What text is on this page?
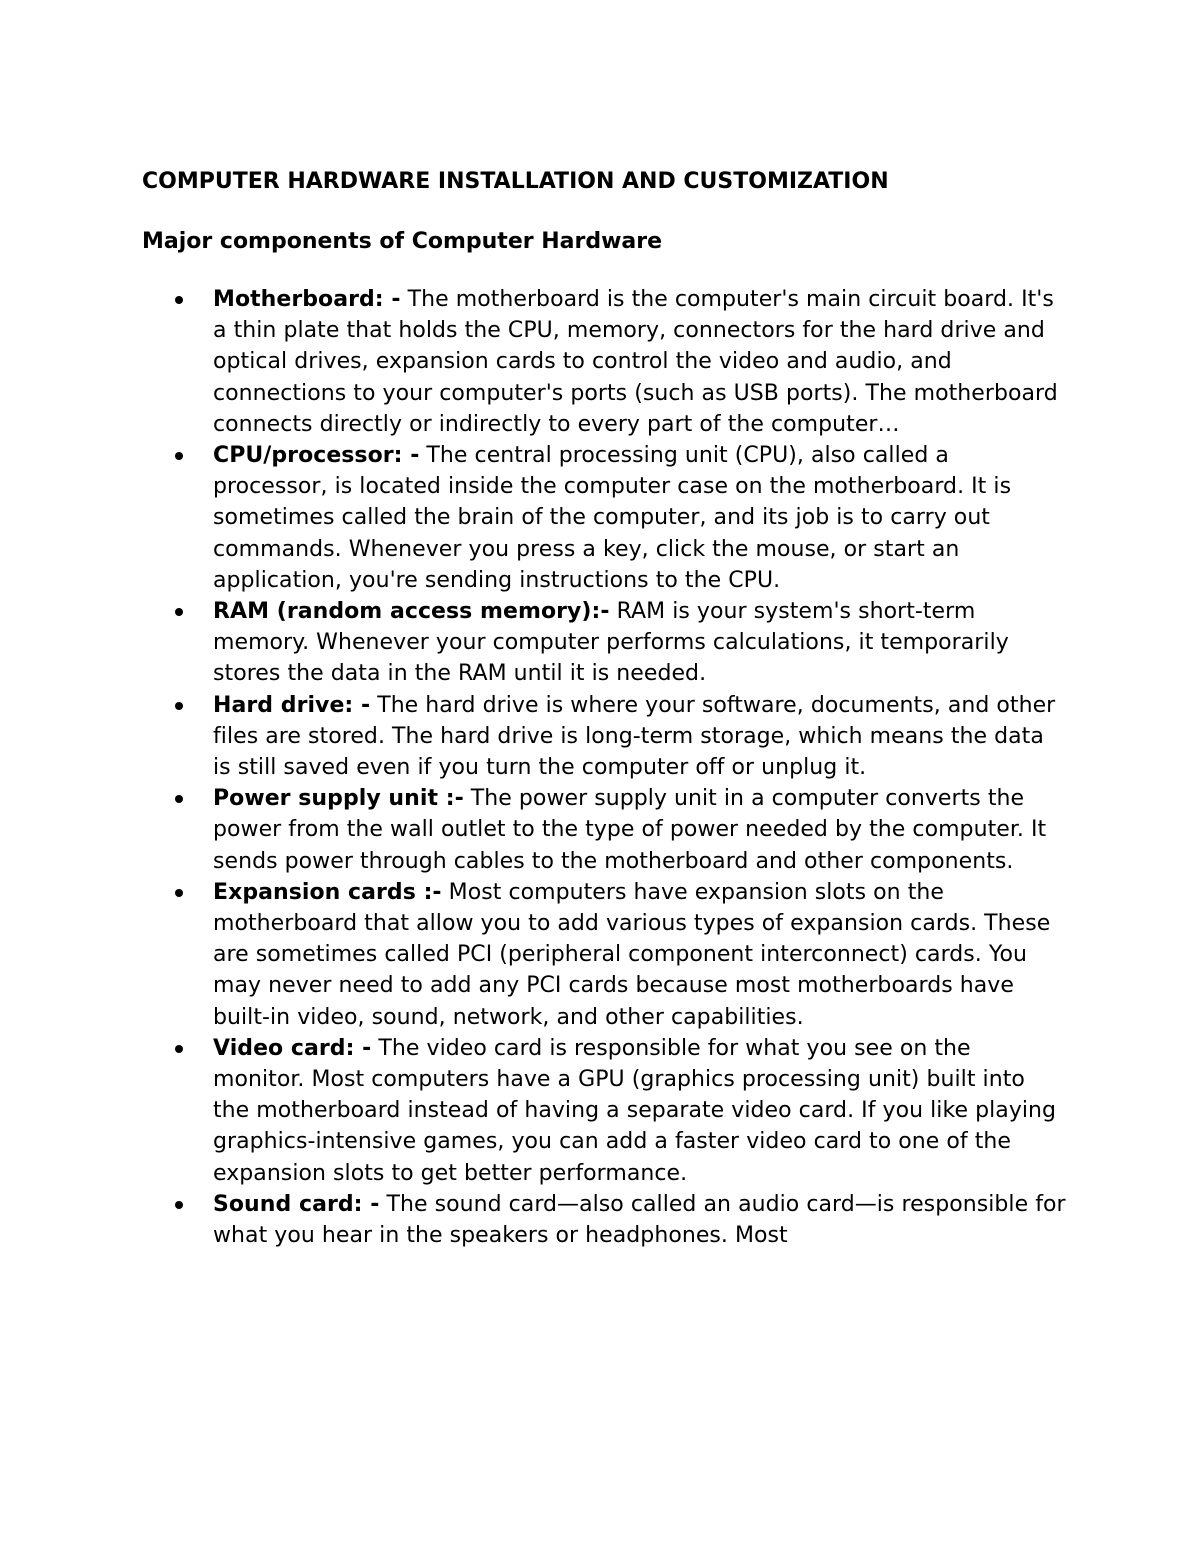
COMPUTER HARDWARE INSTALLATION AND CUSTOMIZATION
Major components of Computer Hardware
Motherboard: - The motherboard is the computer's main circuit board. It's a thin plate that holds the CPU, memory, connectors for the hard drive and optical drives, expansion cards to control the video and audio, and connections to your computer's ports (such as USB ports). The motherboard connects directly or indirectly to every part of the computer…
CPU/processor: - The central processing unit (CPU), also called a processor, is located inside the computer case on the motherboard. It is sometimes called the brain of the computer, and its job is to carry out commands. Whenever you press a key, click the mouse, or start an application, you're sending instructions to the CPU.
RAM (random access memory):- RAM is your system's short-term memory. Whenever your computer performs calculations, it temporarily stores the data in the RAM until it is needed.
Hard drive: - The hard drive is where your software, documents, and other files are stored. The hard drive is long-term storage, which means the data is still saved even if you turn the computer off or unplug it.
Power supply unit :- The power supply unit in a computer converts the power from the wall outlet to the type of power needed by the computer. It sends power through cables to the motherboard and other components.
Expansion cards :- Most computers have expansion slots on the motherboard that allow you to add various types of expansion cards. These are sometimes called PCI (peripheral component interconnect) cards. You may never need to add any PCI cards because most motherboards have built-in video, sound, network, and other capabilities.
Video card: - The video card is responsible for what you see on the monitor. Most computers have a GPU (graphics processing unit) built into the motherboard instead of having a separate video card. If you like playing graphics-intensive games, you can add a faster video card to one of the expansion slots to get better performance.
Sound card: - The sound card—also called an audio card—is responsible for what you hear in the speakers or headphones. Most
